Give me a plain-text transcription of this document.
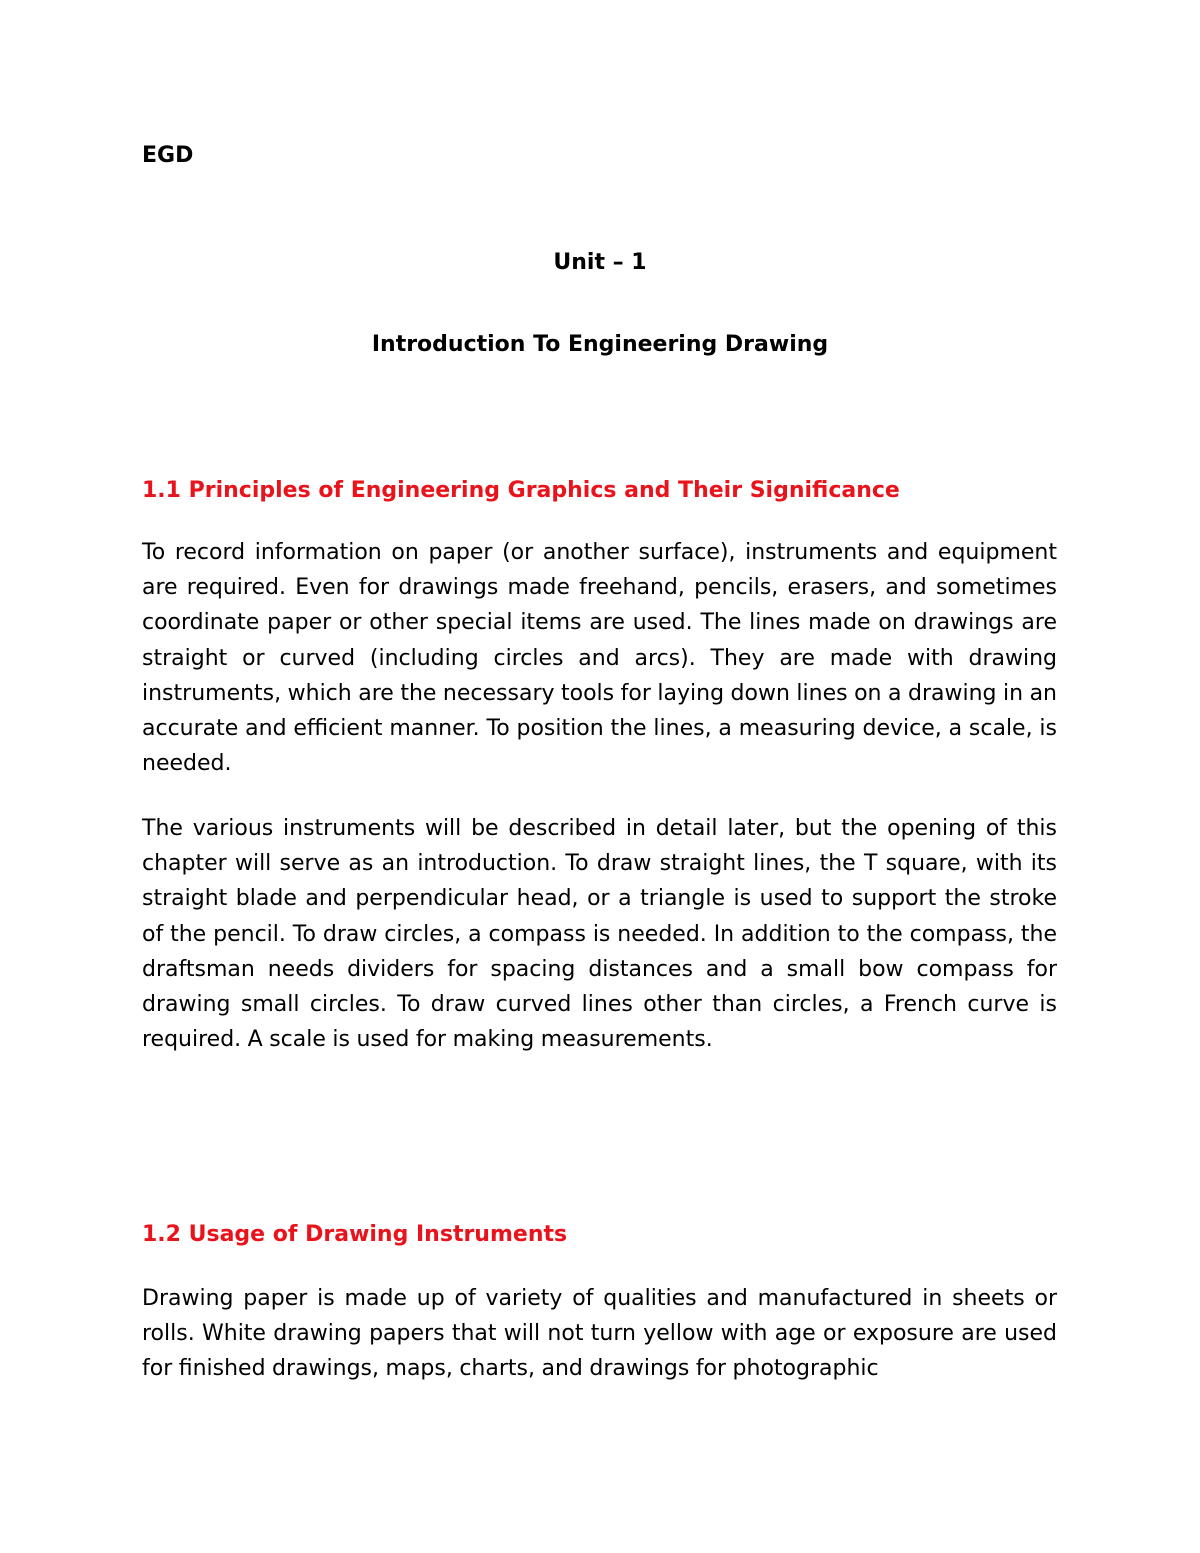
EGD

Unit – 1

Introduction To Engineering Drawing

1.1 Principles of Engineering Graphics and Their Significance

To record information on paper (or another surface), instruments and equipment are required. Even for drawings made freehand, pencils, erasers, and sometimes coordinate paper or other special items are used. The lines made on drawings are straight or curved (including circles and arcs). They are made with drawing instruments, which are the necessary tools for laying down lines on a drawing in an accurate and efficient manner. To position the lines, a measuring device, a scale, is needed.

The various instruments will be described in detail later, but the opening of this chapter will serve as an introduction. To draw straight lines, the T square, with its straight blade and perpendicular head, or a triangle is used to support the stroke of the pencil. To draw circles, a compass is needed. In addition to the compass, the draftsman needs dividers for spacing distances and a small bow compass for drawing small circles. To draw curved lines other than circles, a French curve is required. A scale is used for making measurements.

1.2 Usage of Drawing Instruments

Drawing paper is made up of variety of qualities and manufactured in sheets or rolls. White drawing papers that will not turn yellow with age or exposure are used for finished drawings, maps, charts, and drawings for photographic
